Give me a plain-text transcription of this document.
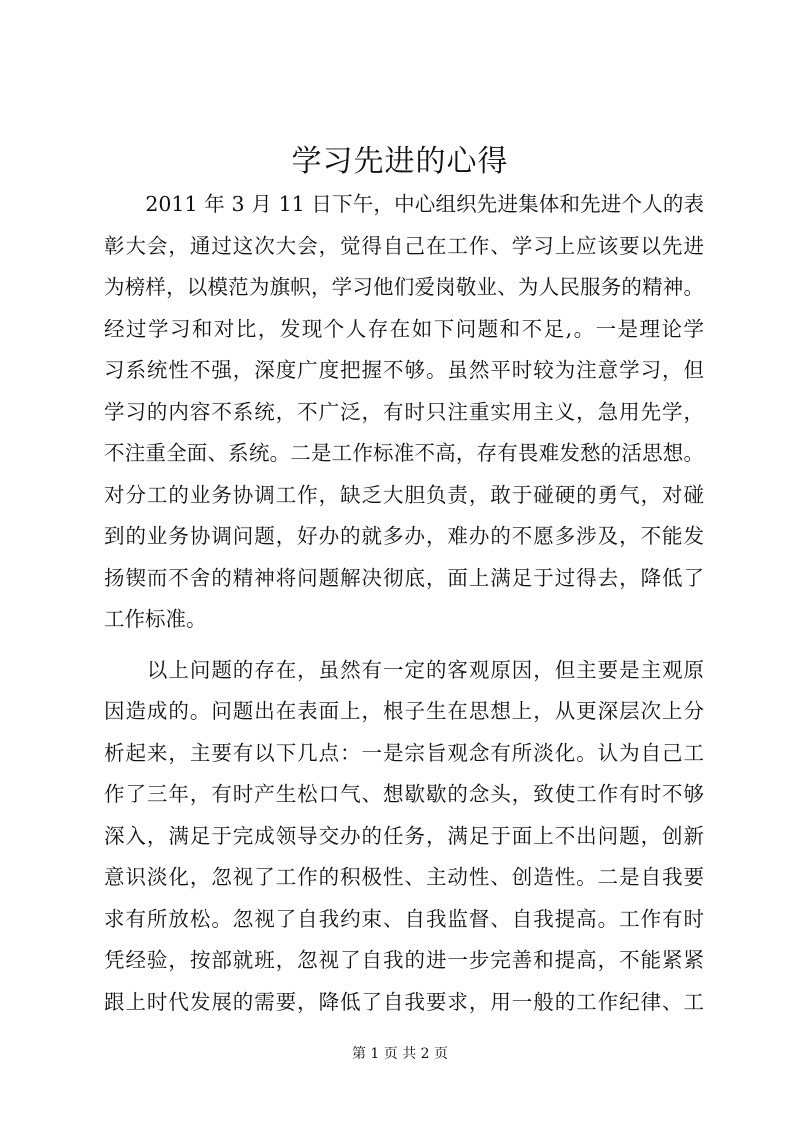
学习先进的心得

　　2011 年 3 月 11 日下午，中心组织先进集体和先进个人的表
彰大会，通过这次大会，觉得自己在工作、学习上应该要以先进
为榜样，以模范为旗帜，学习他们爱岗敬业、为人民服务的精神。
经过学习和对比，发现个人存在如下问题和不足,。一是理论学
习系统性不强，深度广度把握不够。虽然平时较为注意学习，但
学习的内容不系统，不广泛，有时只注重实用主义，急用先学，
不注重全面、系统。二是工作标准不高，存有畏难发愁的活思想。
对分工的业务协调工作，缺乏大胆负责，敢于碰硬的勇气，对碰
到的业务协调问题，好办的就多办，难办的不愿多涉及，不能发
扬锲而不舍的精神将问题解决彻底，面上满足于过得去，降低了
工作标准。

　　以上问题的存在，虽然有一定的客观原因，但主要是主观原
因造成的。问题出在表面上，根子生在思想上，从更深层次上分
析起来，主要有以下几点：一是宗旨观念有所淡化。认为自己工
作了三年，有时产生松口气、想歇歇的念头，致使工作有时不够
深入，满足于完成领导交办的任务，满足于面上不出问题，创新
意识淡化，忽视了工作的积极性、主动性、创造性。二是自我要
求有所放松。忽视了自我约束、自我监督、自我提高。工作有时
凭经验，按部就班，忽视了自我的进一步完善和提高，不能紧紧
跟上时代发展的需要，降低了自我要求，用一般的工作纪律、工

第 1 页 共 2 页
